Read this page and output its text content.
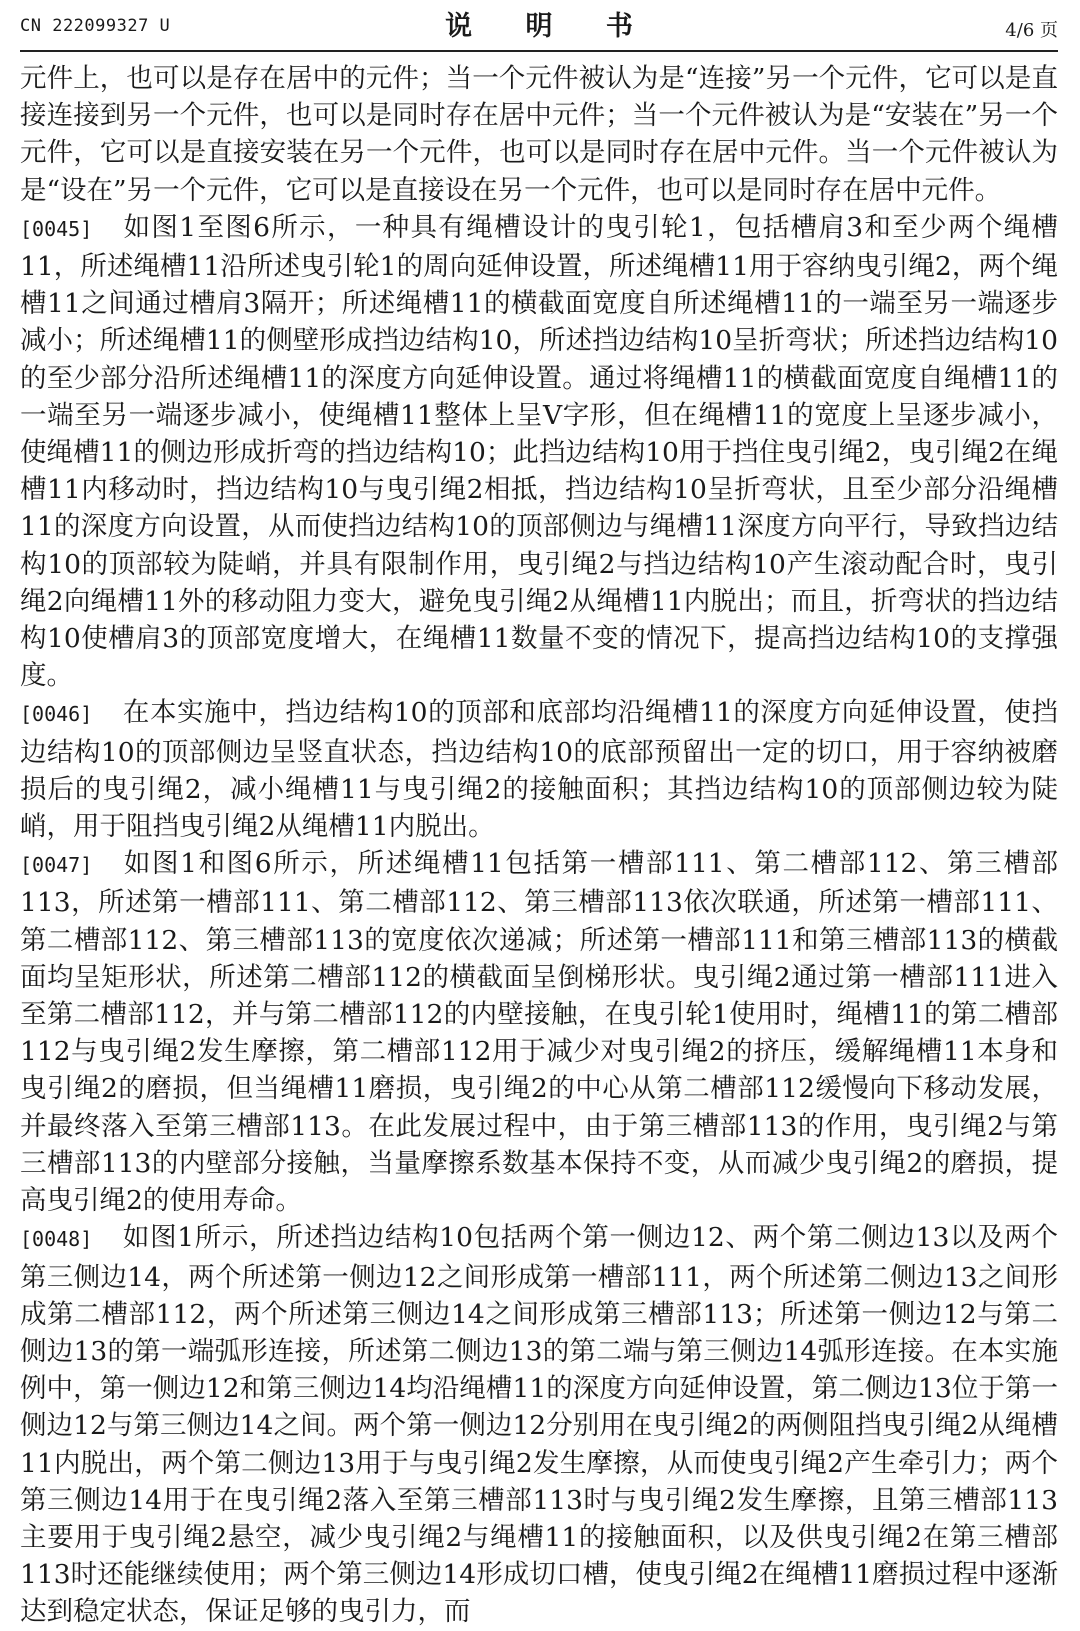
CN 222099327 U	说 明 书	4/6 页

元件上，也可以是存在居中的元件；当一个元件被认为是“连接”另一个元件，它可以是直接连接到另一个元件，也可以是同时存在居中元件；当一个元件被认为是“安装在”另一个元件，它可以是直接安装在另一个元件，也可以是同时存在居中元件。当一个元件被认为是“设在”另一个元件，它可以是直接设在另一个元件，也可以是同时存在居中元件。

[0045] 如图1至图6所示，一种具有绳槽设计的曳引轮1，包括槽肩3和至少两个绳槽11，所述绳槽11沿所述曳引轮1的周向延伸设置，所述绳槽11用于容纳曳引绳2，两个绳槽11之间通过槽肩3隔开；所述绳槽11的横截面宽度自所述绳槽11的一端至另一端逐步减小；所述绳槽11的侧壁形成挡边结构10，所述挡边结构10呈折弯状；所述挡边结构10的至少部分沿所述绳槽11的深度方向延伸设置。通过将绳槽11的横截面宽度自绳槽11的一端至另一端逐步减小，使绳槽11整体上呈V字形，但在绳槽11的宽度上呈逐步减小，使绳槽11的侧边形成折弯的挡边结构10；此挡边结构10用于挡住曳引绳2，曳引绳2在绳槽11内移动时，挡边结构10与曳引绳2相抵，挡边结构10呈折弯状，且至少部分沿绳槽11的深度方向设置，从而使挡边结构10的顶部侧边与绳槽11深度方向平行，导致挡边结构10的顶部较为陡峭，并具有限制作用，曳引绳2与挡边结构10产生滚动配合时，曳引绳2向绳槽11外的移动阻力变大，避免曳引绳2从绳槽11内脱出；而且，折弯状的挡边结构10使槽肩3的顶部宽度增大，在绳槽11数量不变的情况下，提高挡边结构10的支撑强度。

[0046] 在本实施中，挡边结构10的顶部和底部均沿绳槽11的深度方向延伸设置，使挡边结构10的顶部侧边呈竖直状态，挡边结构10的底部预留出一定的切口，用于容纳被磨损后的曳引绳2，减小绳槽11与曳引绳2的接触面积；其挡边结构10的顶部侧边较为陡峭，用于阻挡曳引绳2从绳槽11内脱出。

[0047] 如图1和图6所示，所述绳槽11包括第一槽部111、第二槽部112、第三槽部113，所述第一槽部111、第二槽部112、第三槽部113依次联通，所述第一槽部111、第二槽部112、第三槽部113的宽度依次递减；所述第一槽部111和第三槽部113的横截面均呈矩形状，所述第二槽部112的横截面呈倒梯形状。曳引绳2通过第一槽部111进入至第二槽部112，并与第二槽部112的内壁接触，在曳引轮1使用时，绳槽11的第二槽部112与曳引绳2发生摩擦，第二槽部112用于减少对曳引绳2的挤压，缓解绳槽11本身和曳引绳2的磨损，但当绳槽11磨损，曳引绳2的中心从第二槽部112缓慢向下移动发展，并最终落入至第三槽部113。在此发展过程中，由于第三槽部113的作用，曳引绳2与第三槽部113的内壁部分接触，当量摩擦系数基本保持不变，从而减少曳引绳2的磨损，提高曳引绳2的使用寿命。

[0048] 如图1所示，所述挡边结构10包括两个第一侧边12、两个第二侧边13以及两个第三侧边14，两个所述第一侧边12之间形成第一槽部111，两个所述第二侧边13之间形成第二槽部112，两个所述第三侧边14之间形成第三槽部113；所述第一侧边12与第二侧边13的第一端弧形连接，所述第二侧边13的第二端与第三侧边14弧形连接。在本实施例中，第一侧边12和第三侧边14均沿绳槽11的深度方向延伸设置，第二侧边13位于第一侧边12与第三侧边14之间。两个第一侧边12分别用在曳引绳2的两侧阻挡曳引绳2从绳槽11内脱出，两个第二侧边13用于与曳引绳2发生摩擦，从而使曳引绳2产生牵引力；两个第三侧边14用于在曳引绳2落入至第三槽部113时与曳引绳2发生摩擦，且第三槽部113主要用于曳引绳2悬空，减少曳引绳2与绳槽11的接触面积，以及供曳引绳2在第三槽部113时还能继续使用；两个第三侧边14形成切口槽，使曳引绳2在绳槽11磨损过程中逐渐达到稳定状态，保证足够的曳引力，而
